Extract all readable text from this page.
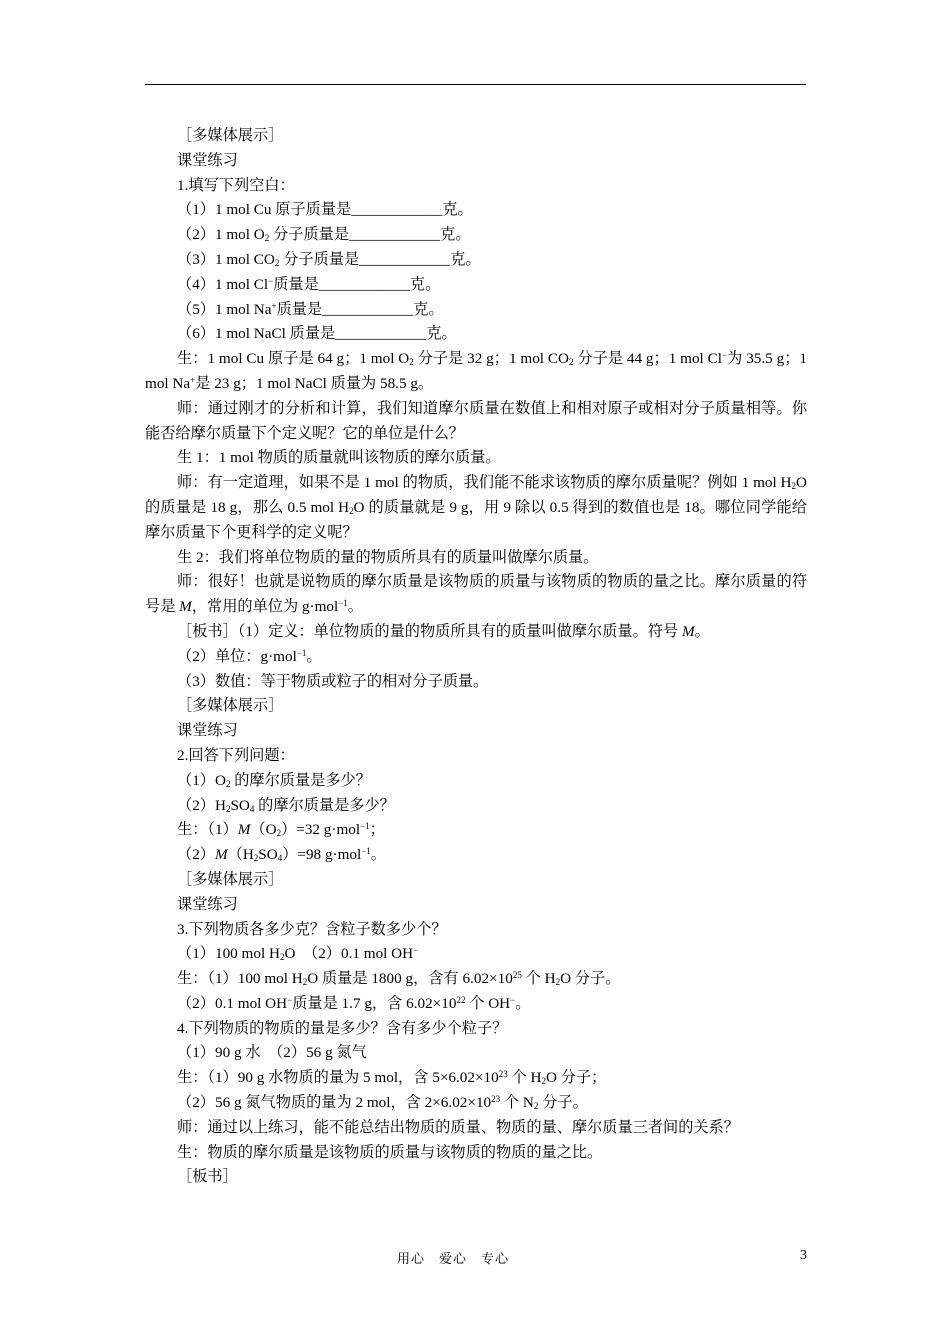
［多媒体展示］
课堂练习
1.填写下列空白：
（1）1 mol Cu 原子质量是____________克。
（2）1 mol $O_2$ 分子质量是____________克。
（3）1 mol $CO_2$ 分子质量是____________克。
（4）1 mol Cl−质量是____________克。
（5）1 mol Na+质量是____________克。
（6）1 mol NaCl 质量是____________克。
生：1 mol Cu 原子是 64 g；1 mol $O_2$ 分子是 32 g；1 mol $CO_2$ 分子是 44 g；1 mol Cl−为 35.5 g；1 mol Na+是 23 g；1 mol NaCl 质量为 58.5 g。
师：通过刚才的分析和计算，我们知道摩尔质量在数值上和相对原子或相对分子质量相等。你能否给摩尔质量下个定义呢？它的单位是什么？
生 1：1 mol 物质的质量就叫该物质的摩尔质量。
师：有一定道理，如果不是 1 mol 的物质，我们能不能求该物质的摩尔质量呢？例如 1 mol $H_2O$ 的质量是 18 g，那么 0.5 mol $H_2O$ 的质量就是 9 g，用 9 除以 0.5 得到的数值也是 18。哪位同学能给摩尔质量下个更科学的定义呢？
生 2：我们将单位物质的量的物质所具有的质量叫做摩尔质量。
师：很好！也就是说物质的摩尔质量是该物质的质量与该物质的物质的量之比。摩尔质量的符号是 M，常用的单位为 g·mol$^{-1}$。
［板书］（1）定义：单位物质的量的物质所具有的质量叫做摩尔质量。符号 M。
（2）单位：g·mol$^{-1}$。
（3）数值：等于物质或粒子的相对分子质量。
［多媒体展示］
课堂练习
2.回答下列问题：
$(1)O_2$ 的摩尔质量是多少？
$(2)H_2SO_4$ 的摩尔质量是多少？
生：$(1)M(O_2)=32$ g·mol$^{-1}$；
$(2)M(H_2SO_4)=98$ g·mol$^{-1}$。
［多媒体展示］
课堂练习
3.下列物质各多少克？含粒子数多少个？
（1）100 mol $H_2O$　（2）0.1 mol OH−
生：（1）100 mol $H_2O$ 质量是 1800 g，含有 $6.02\times 10^{25}$ 个 $H_2O$ 分子。
（2）0.1 mol OH−质量是 1.7 g，含 $6.02\times 10^{22}$ 个 OH−。
4.下列物质的物质的量是多少？含有多少个粒子？
（1）90 g 水　（2）56 g 氮气
生：（1）90 g 水物质的量为 5 mol，含 $5\times 6.02\times 10^{23}$ 个 $H_2O$ 分子；
（2）56 g 氮气物质的量为 2 mol，含 $2\times 6.02\times 10^{23}$ 个 $N_2$ 分子。
师：通过以上练习，能不能总结出物质的质量、物质的量、摩尔质量三者间的关系？
生：物质的摩尔质量是该物质的质量与该物质的物质的量之比。
［板书］
用心　爱心　专心	3
